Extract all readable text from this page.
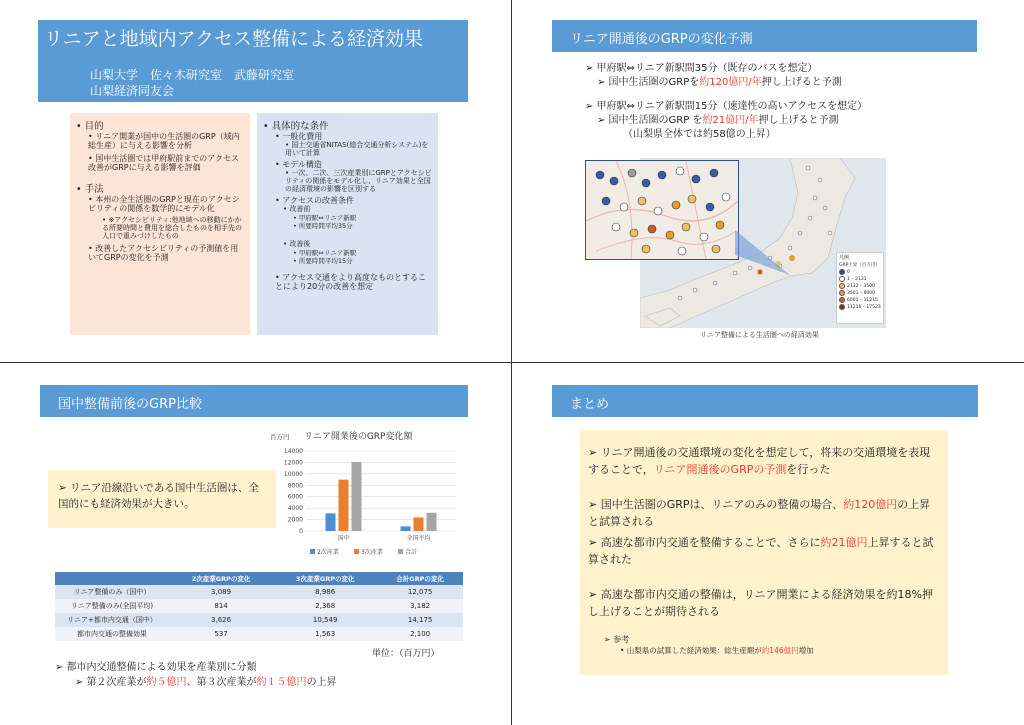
リニアと地域内アクセス整備による経済効果
山梨大学　佐々木研究室　武藤研究室
山梨経済同友会
• 目的
• リニア開業が国中の生活圏のGRP（域内総生産）に与える影響を分析
• 国中生活圏では甲府駅前までのアクセス改善がGRPに与える影響を評価
• 手法
• 本州の全生活圏のGRPと現在のアクセシビリティの関係を数学的にモデル化
• ※アクセシビリティ:他地域への移動にかかる所要時間と費用を総合したものを相手先の人口で重みづけしたもの
• 改善したアクセシビリティの予測値を用いてGRPの変化を予測
• 具体的な条件
• 一般化費用
• 国土交通省NITAS(総合交通分析システム)を用いて計算
• モデル構造
• 一次、二次、三次産業別にGRPとアクセシビリティの関係をモデル化し、リニア効果と全国の経済環境の影響を区別する
• アクセスの改善条件
• 改善前
• 甲府駅⇔リニア新駅
• 所要時間平均35分
• 改善後
• 甲府駅⇔リニア新駅
• 所要時間平均15分
• アクセス交通をより高度なものとすることにより20分の改善を想定
リニア開通後のGRPの変化予測
➢ 甲府駅⇔リニア新駅間35分（既存のバスを想定）
➢ 国中生活圏のGRPを約120億円/年押し上げると予測
➢ 甲府駅⇔リニア新駅間15分（速達性の高いアクセスを想定）
➢ 国中生活圏のGRP を約21億円/年押し上げると予測
（山梨県全体では約58億の上昇）
凡例
GRP上昇（百万円）
0
1 – 2131
2132 – 3500
3501 – 6000
6001 – 11215
11216 – 17523
リニア整備による生活圏への経済効果
国中整備前後のGRP比較
➢ リニア沿線沿いである国中生活圏は、全国的にも経済効果が大きい。
百万円 リニア開業後のGRP変化額
0
2000
4000
6000
8000
10000
12000
14000
国中	全国平均
2次産業	3次産業	合計
	2次産業GRPの変化	3次産業GRPの変化	合計GRPの変化
リニア整備のみ（国中）	3,089	8,986	12,075
リニア整備のみ(全国平均)	814	2,368	3,182
リニア+都市内交通（国中）	3,626	10,549	14,175
都市内交通の整備効果	537	1,563	2,100
単位：（百万円）
➢ 都市内交通整備による効果を産業別に分類
➢ 第２次産業が約５億円、第３次産業が約１５億円の上昇
まとめ
➢ リニア開通後の交通環境の変化を想定して，将来の交通環境を表現することで，リニア開通後のGRPの予測を行った
➢ 国中生活圏のGRPは、リニアのみの整備の場合、約120億円の上昇と試算される
➢ 高速な都市内交通を整備することで、さらに約21億円上昇すると試算された
➢ 高速な都市内交通の整備は，リニア開業による経済効果を約18%押し上げることが期待される
➢ 参考
• 山梨県の試算した経済効果：総生産額が約146億円増加
